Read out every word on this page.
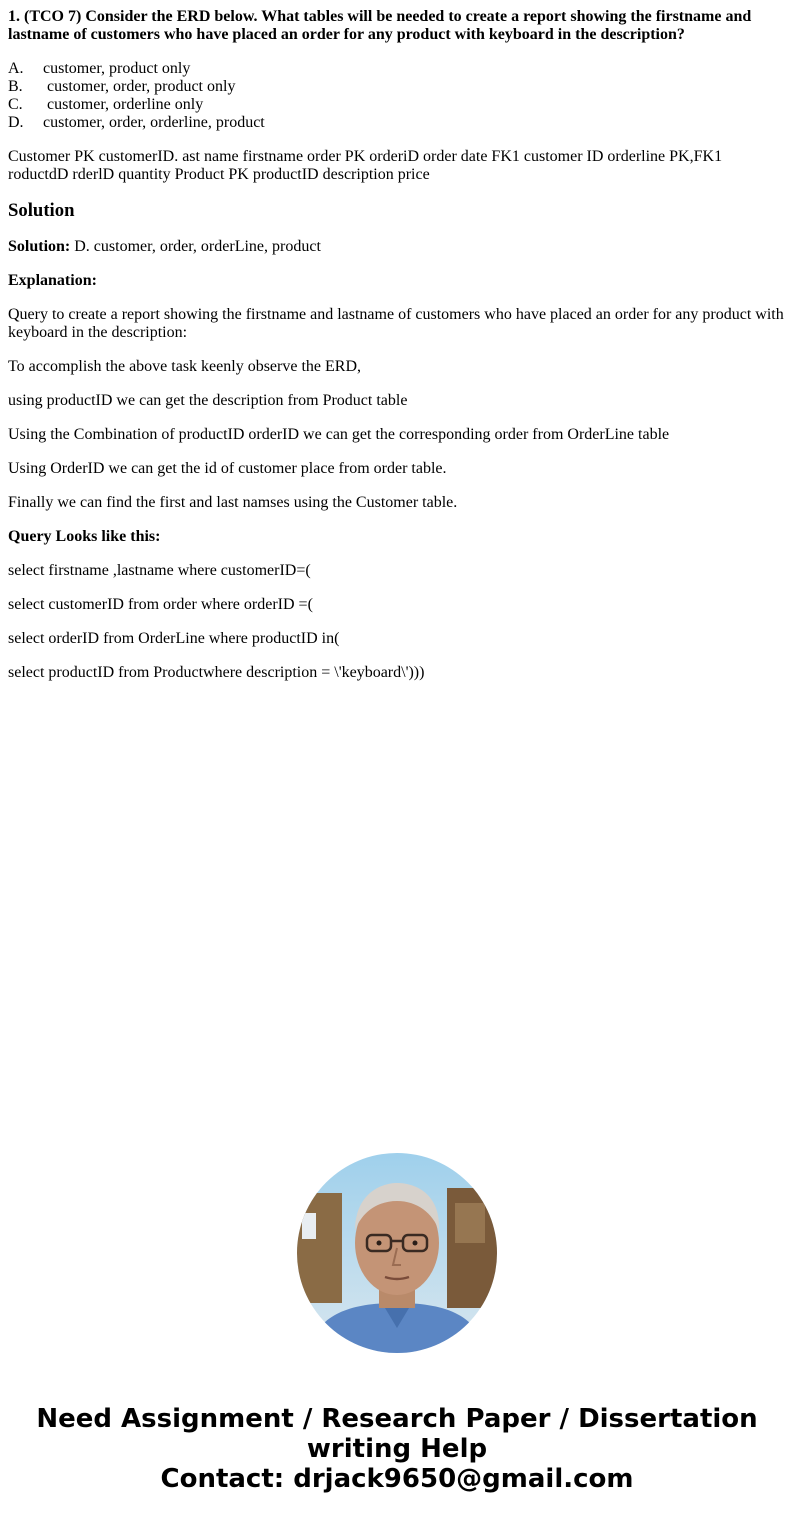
1. (TCO 7) Consider the ERD below. What tables will be needed to create a report showing the firstname and lastname of customers who have placed an order for any product with keyboard in the description?
A.	customer, product only
B.	customer, order, product only
C.	customer, orderline only
D.	customer, order, orderline, product
Customer PK customerID. ast name firstname order PK orderiD order date FK1 customer ID orderline PK,FK1 roductdD rderlD quantity Product PK productID description price
Solution

Solution: D. customer, order, orderLine, product

Explanation:

Query to create a report showing the firstname and lastname of customers who have placed an order for any product with keyboard in the description:

To accomplish the above task keenly observe the ERD,

using productID we can get the description from Product table

Using the Combination of productID orderID we can get the corresponding order from OrderLine table

Using OrderID we can get the id of customer place from order table.

Finally we can find the first and last namses using the Customer table.

Query Looks like this:

select firstname ,lastname where customerID=(

select customerID from order where orderID =(

select orderID from OrderLine where productID in(

select productID from Productwhere description = \'keyboard\')))

Need Assignment / Research Paper / Dissertation
writing Help
Contact: drjack9650@gmail.com
